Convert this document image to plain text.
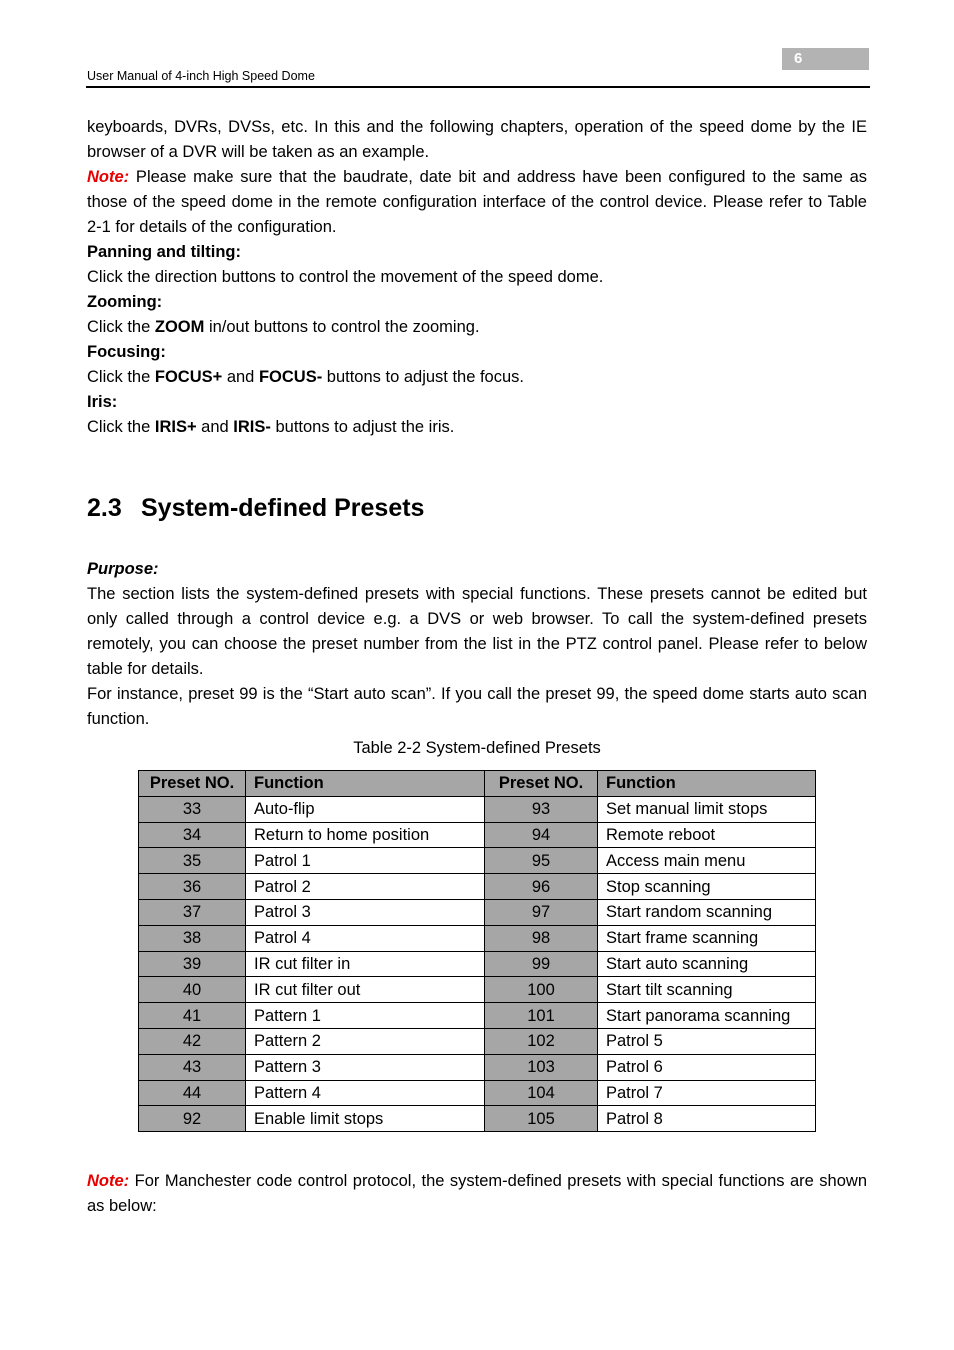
6
User Manual of 4-inch High Speed Dome

keyboards, DVRs, DVSs, etc. In this and the following chapters, operation of the speed dome by the IE browser of a DVR will be taken as an example.

Note: Please make sure that the baudrate, date bit and address have been configured to the same as those of the speed dome in the remote configuration interface of the control device. Please refer to Table 2-1 for details of the configuration.

Panning and tilting:

Click the direction buttons to control the movement of the speed dome.

Zooming:

Click the ZOOM in/out buttons to control the zooming.

Focusing:

Click the FOCUS+ and FOCUS- buttons to adjust the focus.

Iris:

Click the IRIS+ and IRIS- buttons to adjust the iris.

2.3 System-defined Presets

Purpose:

The section lists the system-defined presets with special functions. These presets cannot be edited but only called through a control device e.g. a DVS or web browser. To call the system-defined presets remotely, you can choose the preset number from the list in the PTZ control panel. Please refer to below table for details.

For instance, preset 99 is the “Start auto scan”. If you call the preset 99, the speed dome starts auto scan function.

Table 2-2 System-defined Presets
Preset NO.	Function	Preset NO.	Function
33	Auto-flip	93	Set manual limit stops
34	Return to home position	94	Remote reboot
35	Patrol 1	95	Access main menu
36	Patrol 2	96	Stop scanning
37	Patrol 3	97	Start random scanning
38	Patrol 4	98	Start frame scanning
39	IR cut filter in	99	Start auto scanning
40	IR cut filter out	100	Start tilt scanning
41	Pattern 1	101	Start panorama scanning
42	Pattern 2	102	Patrol 5
43	Pattern 3	103	Patrol 6
44	Pattern 4	104	Patrol 7
92	Enable limit stops	105	Patrol 8

Note: For Manchester code control protocol, the system-defined presets with special functions are shown as below:
